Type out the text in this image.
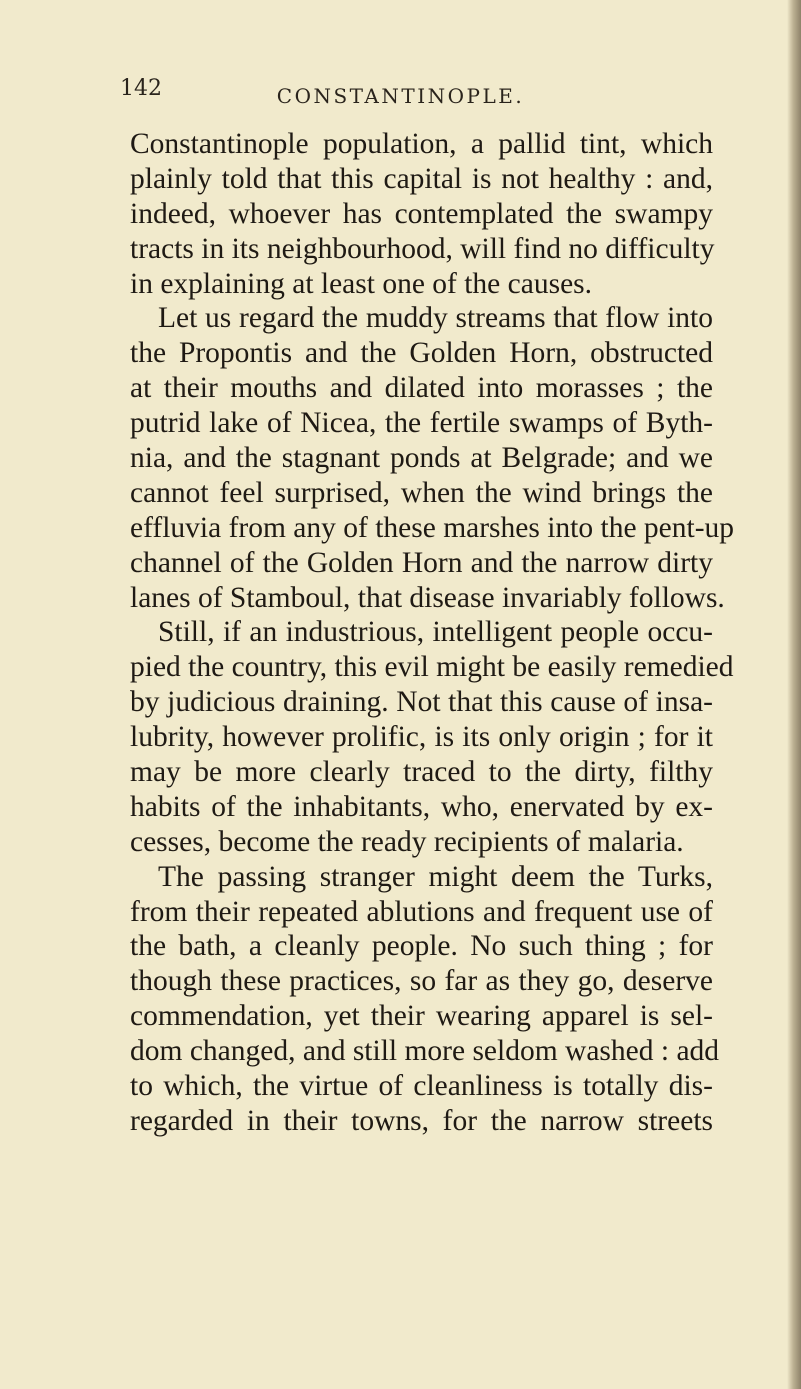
142	CONSTANTINOPLE.
Constantinople population, a pallid tint, which
plainly told that this capital is not healthy : and,
indeed, whoever has contemplated the swampy
tracts in its neighbourhood, will find no difficulty
in explaining at least one of the causes.
Let us regard the muddy streams that flow into
the Propontis and the Golden Horn, obstructed
at their mouths and dilated into morasses ; the
putrid lake of Nicea, the fertile swamps of Byth-
nia, and the stagnant ponds at Belgrade; and we
cannot feel surprised, when the wind brings the
effluvia from any of these marshes into the pent-up
channel of the Golden Horn and the narrow dirty
lanes of Stamboul, that disease invariably follows.
Still, if an industrious, intelligent people occu-
pied the country, this evil might be easily remedied
by judicious draining. Not that this cause of insa-
lubrity, however prolific, is its only origin ; for it
may be more clearly traced to the dirty, filthy
habits of the inhabitants, who, enervated by ex-
cesses, become the ready recipients of malaria.
The passing stranger might deem the Turks,
from their repeated ablutions and frequent use of
the bath, a cleanly people. No such thing ; for
though these practices, so far as they go, deserve
commendation, yet their wearing apparel is sel-
dom changed, and still more seldom washed : add
to which, the virtue of cleanliness is totally dis-
regarded in their towns, for the narrow streets
